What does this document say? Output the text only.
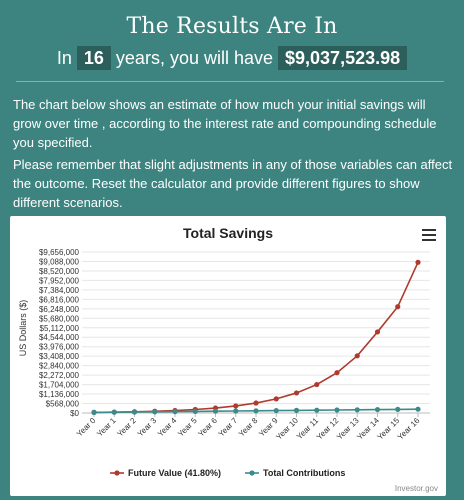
The Results Are In
In 16 years, you will have $9,037,523.98
The chart below shows an estimate of how much your initial savings will grow over time , according to the interest rate and compounding schedule you specified.
Please remember that slight adjustments in any of those variables can affect the outcome. Reset the calculator and provide different figures to show different scenarios.
$0
$568,000
$1,136,000
$1,704,000
$2,272,000
$2,840,000
$3,408,000
$3,976,000
$4,544,000
$5,112,000
$5,680,000
$6,248,000
$6,816,000
$7,384,000
$7,952,000
$8,520,000
$9,088,000
$9,656,000
Year 0
Year 1
Year 2
Year 3
Year 4
Year 5
Year 6
Year 7
Year 8
Year 9
Year 10
Year 11
Year 12
Year 13
Year 14
Year 15
Year 16
Total Savings
US Dollars ($)
Future Value (41.80%)	Total Contributions
Investor.gov
